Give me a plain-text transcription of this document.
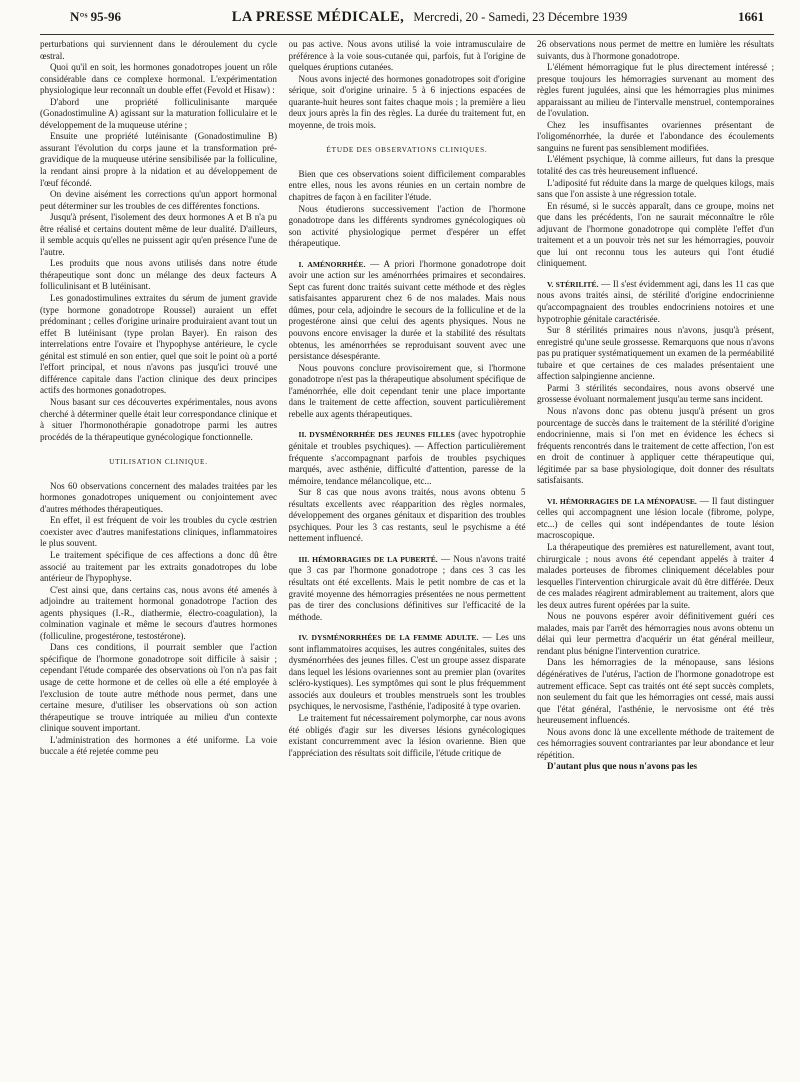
N°ˢ 95-96	LA PRESSE MÉDICALE, Mercredi, 20 - Samedi, 23 Décembre 1939	1661

perturbations qui surviennent dans le déroulement du cycle œstral.

Quoi qu'il en soit, les hormones gonadotropes jouent un rôle considérable dans ce complexe hormonal. L'expérimentation physiologique leur reconnaît un double effet (Fevold et Hisaw) :

D'abord une propriété folliculinisante marquée (Gonadostimuline A) agissant sur la maturation folliculaire et le développement de la muqueuse utérine ;

Ensuite une propriété lutéinisante (Gonadostimuline B) assurant l'évolution du corps jaune et la transformation pré-gravidique de la muqueuse utérine sensibilisée par la folliculine, la rendant ainsi propre à la nidation et au développement de l'œuf fécondé.

On devine aisément les corrections qu'un apport hormonal peut déterminer sur les troubles de ces différentes fonctions.

Jusqu'à présent, l'isolement des deux hormones A et B n'a pu être réalisé et certains doutent même de leur dualité. D'ailleurs, il semble acquis qu'elles ne puissent agir qu'en présence l'une de l'autre.

Les produits que nous avons utilisés dans notre étude thérapeutique sont donc un mélange des deux facteurs A folliculinisant et B lutéinisant.

Les gonadostimulines extraites du sérum de jument gravide (type hormone gonadotrope Roussel) auraient un effet prédominant ; celles d'origine urinaire produiraient avant tout un effet B lutéinisant (type prolan Bayer). En raison des interrelations entre l'ovaire et l'hypophyse antérieure, le cycle génital est stimulé en son entier, quel que soit le point où a porté l'effort principal, et nous n'avons pas jusqu'ici trouvé une différence capitale dans l'action clinique des deux principes actifs des hormones gonadotropes.

Nous basant sur ces découvertes expérimentales, nous avons cherché à déterminer quelle était leur correspondance clinique et à situer l'hormonothérapie gonadotrope parmi les autres procédés de la thérapeutique gynécologique fonctionnelle.

UTILISATION CLINIQUE.

Nos 60 observations concernent des malades traitées par les hormones gonadotropes uniquement ou conjointement avec d'autres méthodes thérapeutiques.

En effet, il est fréquent de voir les troubles du cycle œstrien coexister avec d'autres manifestations cliniques, inflammatoires le plus souvent.

Le traitement spécifique de ces affections a donc dû être associé au traitement par les extraits gonadotropes du lobe antérieur de l'hypophyse.

C'est ainsi que, dans certains cas, nous avons été amenés à adjoindre au traitement hormonal gonadotrope l'action des agents physiques (I.-R., diathermie, électro-coagulation), la colmination vaginale et même le secours d'autres hormones (folliculine, progestérone, testostérone).

Dans ces conditions, il pourrait sembler que l'action spécifique de l'hormone gonadotrope soit difficile à saisir ; cependant l'étude comparée des observations où l'on n'a pas fait usage de cette hormone et de celles où elle a été employée à l'exclusion de toute autre méthode nous permet, dans une certaine mesure, d'utiliser les observations où son action thérapeutique se trouve intriquée au milieu d'un contexte clinique souvent important.

L'administration des hormones a été uniforme. La voie buccale a été rejetée comme peu

ou pas active. Nous avons utilisé la voie intramusculaire de préférence à la voie sous-cutanée qui, parfois, fut à l'origine de quelques éruptions cutanées.

Nous avons injecté des hormones gonadotropes soit d'origine sérique, soit d'origine urinaire. 5 à 6 injections espacées de quarante-huit heures sont faites chaque mois ; la première a lieu deux jours après la fin des règles. La durée du traitement fut, en moyenne, de trois mois.

ÉTUDE DES OBSERVATIONS CLINIQUES.

Bien que ces observations soient difficilement comparables entre elles, nous les avons réunies en un certain nombre de chapitres de façon à en faciliter l'étude.

Nous étudierons successivement l'action de l'hormone gonadotrope dans les différents syndromes gynécologiques où son activité physiologique permet d'espérer un effet thérapeutique.

I. AMÉNORRHÉE. — A priori l'hormone gonadotrope doit avoir une action sur les aménorrhées primaires et secondaires. Sept cas furent donc traités suivant cette méthode et des règles satisfaisantes apparurent chez 6 de nos malades. Mais nous dûmes, pour cela, adjoindre le secours de la folliculine et de la progestérone ainsi que celui des agents physiques. Nous ne pouvons encore envisager la durée et la stabilité des résultats obtenus, les aménorrhées se reproduisant souvent avec une persistance désespérante.

Nous pouvons conclure provisoirement que, si l'hormone gonadotrope n'est pas la thérapeutique absolument spécifique de l'aménorrhée, elle doit cependant tenir une place importante dans le traitement de cette affection, souvent particulièrement rebelle aux agents thérapeutiques.

II. DYSMÉNORRHÉE DES JEUNES FILLES (avec hypotrophie génitale et troubles psychiques). — Affection particulièrement fréquente s'accompagnant parfois de troubles psychiques marqués, avec asthénie, difficulté d'attention, paresse de la mémoire, tendance mélancolique, etc...

Sur 8 cas que nous avons traités, nous avons obtenu 5 résultats excellents avec réapparition des règles normales, développement des organes génitaux et disparition des troubles psychiques. Pour les 3 cas restants, seul le psychisme a été nettement influencé.

III. HÉMORRAGIES DE LA PUBERTÉ. — Nous n'avons traité que 3 cas par l'hormone gonadotrope ; dans ces 3 cas les résultats ont été excellents. Mais le petit nombre de cas et la gravité moyenne des hémorragies présentées ne nous permettent pas de tirer des conclusions définitives sur l'efficacité de la méthode.

IV. DYSMÉNORRHÉES DE LA FEMME ADULTE. — Les uns sont inflammatoires acquises, les autres congénitales, suites des dysménorrhées des jeunes filles. C'est un groupe assez disparate dans lequel les lésions ovariennes sont au premier plan (ovarites scléro-kystiques). Les symptômes qui sont le plus fréquemment associés aux douleurs et troubles menstruels sont les troubles psychiques, le nervosisme, l'asthénie, l'adiposité à type ovarien.

Le traitement fut nécessairement polymorphe, car nous avons été obligés d'agir sur les diverses lésions gynécologiques existant concurremment avec la lésion ovarienne. Bien que l'appréciation des résultats soit difficile, l'étude critique de

26 observations nous permet de mettre en lumière les résultats suivants, dus à l'hormone gonadotrope.

L'élément hémorragique fut le plus directement intéressé ; presque toujours les hémorragies survenant au moment des règles furent jugulées, ainsi que les hémorragies plus minimes apparaissant au milieu de l'intervalle menstruel, contemporaines de l'ovulation.

Chez les insuffisantes ovariennes présentant de l'oligoménorrhée, la durée et l'abondance des écoulements sanguins ne furent pas sensiblement modifiées.

L'élément psychique, là comme ailleurs, fut dans la presque totalité des cas très heureusement influencé.

L'adiposité fut réduite dans la marge de quelques kilogs, mais sans que l'on assiste à une régression totale.

En résumé, si le succès apparaît, dans ce groupe, moins net que dans les précédents, l'on ne saurait méconnaître le rôle adjuvant de l'hormone gonadotrope qui complète l'effet d'un traitement et a un pouvoir très net sur les hémorragies, pouvoir que lui ont reconnu tous les auteurs qui l'ont étudié cliniquement.

V. STÉRILITÉ. — Il s'est évidemment agi, dans les 11 cas que nous avons traités ainsi, de stérilité d'origine endocrinienne qu'accompagnaient des troubles endocriniens notoires et une hypotrophie génitale caractérisée.

Sur 8 stérilités primaires nous n'avons, jusqu'à présent, enregistré qu'une seule grossesse. Remarquons que nous n'avons pas pu pratiquer systématiquement un examen de la perméabilité tubaire et que certaines de ces malades présentaient une affection salpingienne ancienne.

Parmi 3 stérilités secondaires, nous avons observé une grossesse évoluant normalement jusqu'au terme sans incident.

Nous n'avons donc pas obtenu jusqu'à présent un gros pourcentage de succès dans le traitement de la stérilité d'origine endocrinienne, mais si l'on met en évidence les échecs si fréquents rencontrés dans le traitement de cette affection, l'on est en droit de continuer à appliquer cette thérapeutique qui, légitimée par sa base physiologique, doit donner des résultats satisfaisants.

VI. HÉMORRAGIES DE LA MÉNOPAUSE. — Il faut distinguer celles qui accompagnent une lésion locale (fibrome, polype, etc...) de celles qui sont indépendantes de toute lésion macroscopique.

La thérapeutique des premières est naturellement, avant tout, chirurgicale ; nous avons été cependant appelés à traiter 4 malades porteuses de fibromes cliniquement décelables pour lesquelles l'intervention chirurgicale avait dû être différée. Deux de ces malades réagirent admirablement au traitement, alors que les deux autres furent opérées par la suite.

Nous ne pouvons espérer avoir définitivement guéri ces malades, mais par l'arrêt des hémorragies nous avons obtenu un délai qui leur permettra d'acquérir un état général meilleur, rendant plus bénigne l'intervention curatrice.

Dans les hémorragies de la ménopause, sans lésions dégénératives de l'utérus, l'action de l'hormone gonadotrope est autrement efficace. Sept cas traités ont été sept succès complets, non seulement du fait que les hémorragies ont cessé, mais aussi que l'état général, l'asthénie, le nervosisme ont été très heureusement influencés.

Nous avons donc là une excellente méthode de traitement de ces hémorragies souvent contrariantes par leur abondance et leur répétition.

D'autant plus que nous n'avons pas les
